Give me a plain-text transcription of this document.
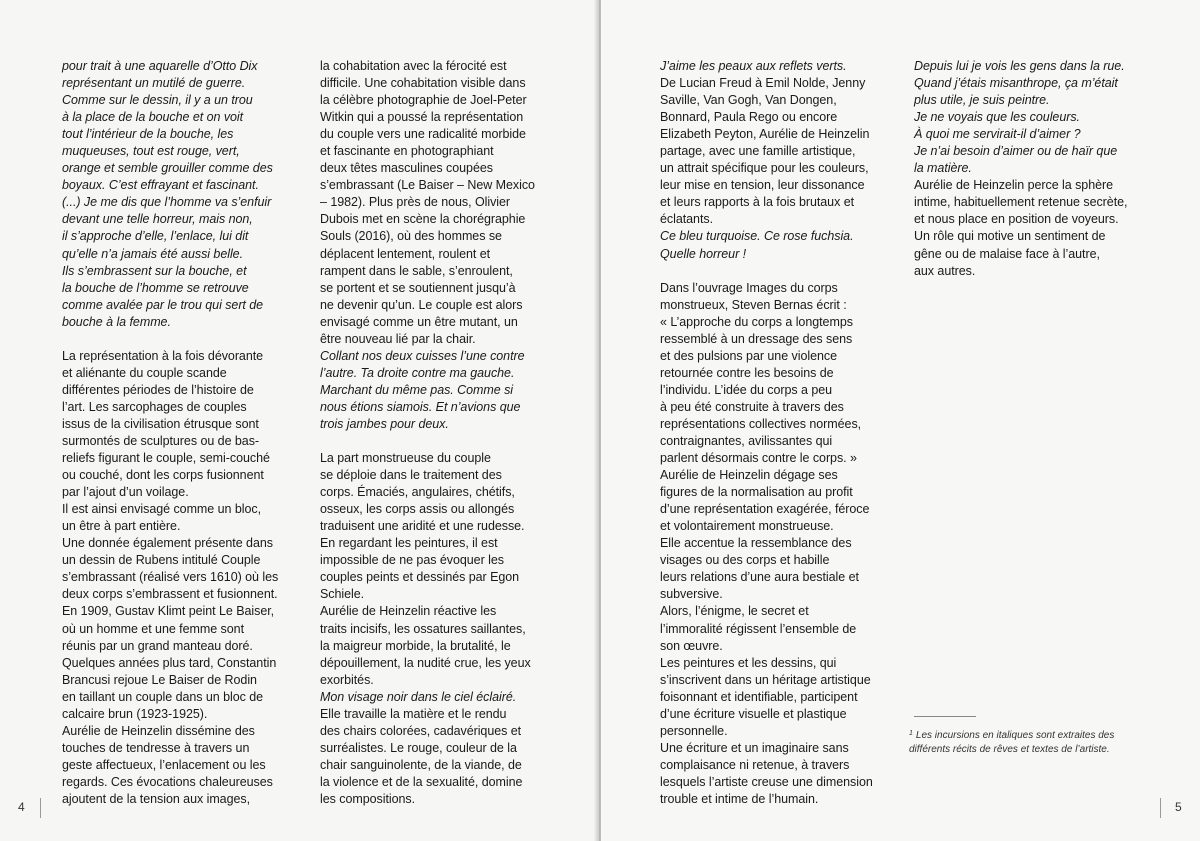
pour trait à une aquarelle d’Otto Dix
représentant un mutilé de guerre.
Comme sur le dessin, il y a un trou
à la place de la bouche et on voit
tout l’intérieur de la bouche, les
muqueuses, tout est rouge, vert,
orange et semble grouiller comme des
boyaux. C’est effrayant et fascinant.
(...) Je me dis que l’homme va s’enfuir
devant une telle horreur, mais non,
il s’approche d’elle, l’enlace, lui dit
qu’elle n’a jamais été aussi belle.
Ils s’embrassent sur la bouche, et
la bouche de l’homme se retrouve
comme avalée par le trou qui sert de
bouche à la femme.

La représentation à la fois dévorante
et aliénante du couple scande
différentes périodes de l’histoire de
l’art. Les sarcophages de couples
issus de la civilisation étrusque sont
surmontés de sculptures ou de bas-
reliefs figurant le couple, semi-couché
ou couché, dont les corps fusionnent
par l’ajout d’un voilage.
Il est ainsi envisagé comme un bloc,
un être à part entière.
Une donnée également présente dans
un dessin de Rubens intitulé Couple
s’embrassant (réalisé vers 1610) où les
deux corps s’embrassent et fusionnent.
En 1909, Gustav Klimt peint Le Baiser,
où un homme et une femme sont
réunis par un grand manteau doré.
Quelques années plus tard, Constantin
Brancusi rejoue Le Baiser de Rodin
en taillant un couple dans un bloc de
calcaire brun (1923-1925).
Aurélie de Heinzelin dissémine des
touches de tendresse à travers un
geste affectueux, l’enlacement ou les
regards. Ces évocations chaleureuses
ajoutent de la tension aux images,

la cohabitation avec la férocité est
difficile. Une cohabitation visible dans
la célèbre photographie de Joel-Peter
Witkin qui a poussé la représentation
du couple vers une radicalité morbide
et fascinante en photographiant
deux têtes masculines coupées
s’embrassant (Le Baiser – New Mexico
– 1982). Plus près de nous, Olivier
Dubois met en scène la chorégraphie
Souls (2016), où des hommes se
déplacent lentement, roulent et
rampent dans le sable, s’enroulent,
se portent et se soutiennent jusqu’à
ne devenir qu’un. Le couple est alors
envisagé comme un être mutant, un
être nouveau lié par la chair.

Collant nos deux cuisses l’une contre
l’autre. Ta droite contre ma gauche.
Marchant du même pas. Comme si
nous étions siamois. Et n’avions que
trois jambes pour deux.

La part monstrueuse du couple
se déploie dans le traitement des
corps. Émaciés, angulaires, chétifs,
osseux, les corps assis ou allongés
traduisent une aridité et une rudesse.
En regardant les peintures, il est
impossible de ne pas évoquer les
couples peints et dessinés par Egon
Schiele.
Aurélie de Heinzelin réactive les
traits incisifs, les ossatures saillantes,
la maigreur morbide, la brutalité, le
dépouillement, la nudité crue, les yeux
exorbités.

Mon visage noir dans le ciel éclairé.

Elle travaille la matière et le rendu
des chairs colorées, cadavériques et
surréalistes. Le rouge, couleur de la
chair sanguinolente, de la viande, de
la violence et de la sexualité, domine
les compositions.

4

J’aime les peaux aux reflets verts.

De Lucian Freud à Emil Nolde, Jenny
Saville, Van Gogh, Van Dongen,
Bonnard, Paula Rego ou encore
Elizabeth Peyton, Aurélie de Heinzelin
partage, avec une famille artistique,
un attrait spécifique pour les couleurs,
leur mise en tension, leur dissonance
et leurs rapports à la fois brutaux et
éclatants.

Ce bleu turquoise. Ce rose fuchsia.
Quelle horreur !

Dans l’ouvrage Images du corps
monstrueux, Steven Bernas écrit :
« L’approche du corps a longtemps
ressemblé à un dressage des sens
et des pulsions par une violence
retournée contre les besoins de
l’individu. L’idée du corps a peu
à peu été construite à travers des
représentations collectives normées,
contraignantes, avilissantes qui
parlent désormais contre le corps. »
Aurélie de Heinzelin dégage ses
figures de la normalisation au profit
d’une représentation exagérée, féroce
et volontairement monstrueuse.
Elle accentue la ressemblance des
visages ou des corps et habille
leurs relations d’une aura bestiale et
subversive.
Alors, l’énigme, le secret et
l’immoralité régissent l’ensemble de
son œuvre.
Les peintures et les dessins, qui
s’inscrivent dans un héritage artistique
foisonnant et identifiable, participent
d’une écriture visuelle et plastique
personnelle.
Une écriture et un imaginaire sans
complaisance ni retenue, à travers
lesquels l’artiste creuse une dimension
trouble et intime de l’humain.

Depuis lui je vois les gens dans la rue.
Quand j’étais misanthrope, ça m’était
plus utile, je suis peintre.
Je ne voyais que les couleurs.
À quoi me servirait-il d’aimer ?
Je n’ai besoin d’aimer ou de haïr que
la matière.

Aurélie de Heinzelin perce la sphère
intime, habituellement retenue secrète,
et nous place en position de voyeurs.
Un rôle qui motive un sentiment de
gêne ou de malaise face à l’autre,
aux autres.

$^1$ Les incursions en italiques sont extraites des différents récits de rêves et textes de l’artiste.
5
